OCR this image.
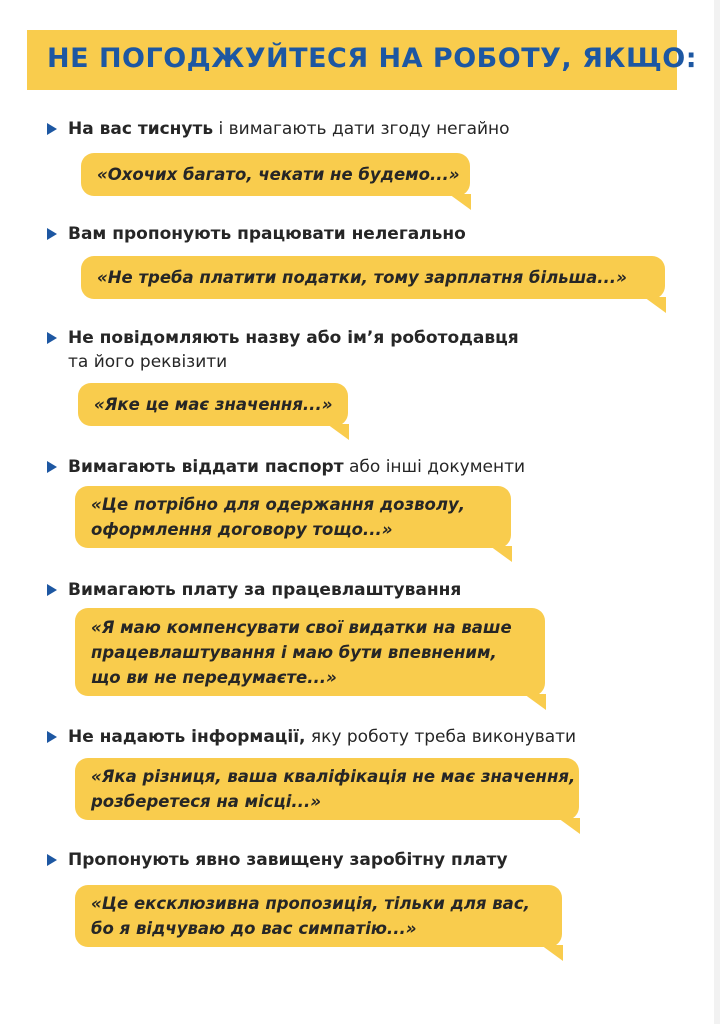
НЕ ПОГОДЖУЙТЕСЯ НА РОБОТУ, ЯКЩО:
На вас тиснуть і вимагають дати згоду негайно
«Охочих багато, чекати не будемо...»
Вам пропонують працювати нелегально
«Не треба платити податки, тому зарплатня більша...»
Не повідомляють назву або ім’я роботодавця
та його реквізити
«Яке це має значення...»
Вимагають віддати паспорт або інші документи
«Це потрібно для одержання дозволу,
оформлення договору тощо...»
Вимагають плату за працевлаштування
«Я маю компенсувати свої видатки на ваше
працевлаштування і маю бути впевненим,
що ви не передумаєте...»
Не надають інформації, яку роботу треба виконувати
«Яка різниця, ваша кваліфікація не має значення,
розберетеся на місці...»
Пропонують явно завищену заробітну плату
«Це ексклюзивна пропозиція, тільки для вас,
бо я відчуваю до вас симпатію...»
